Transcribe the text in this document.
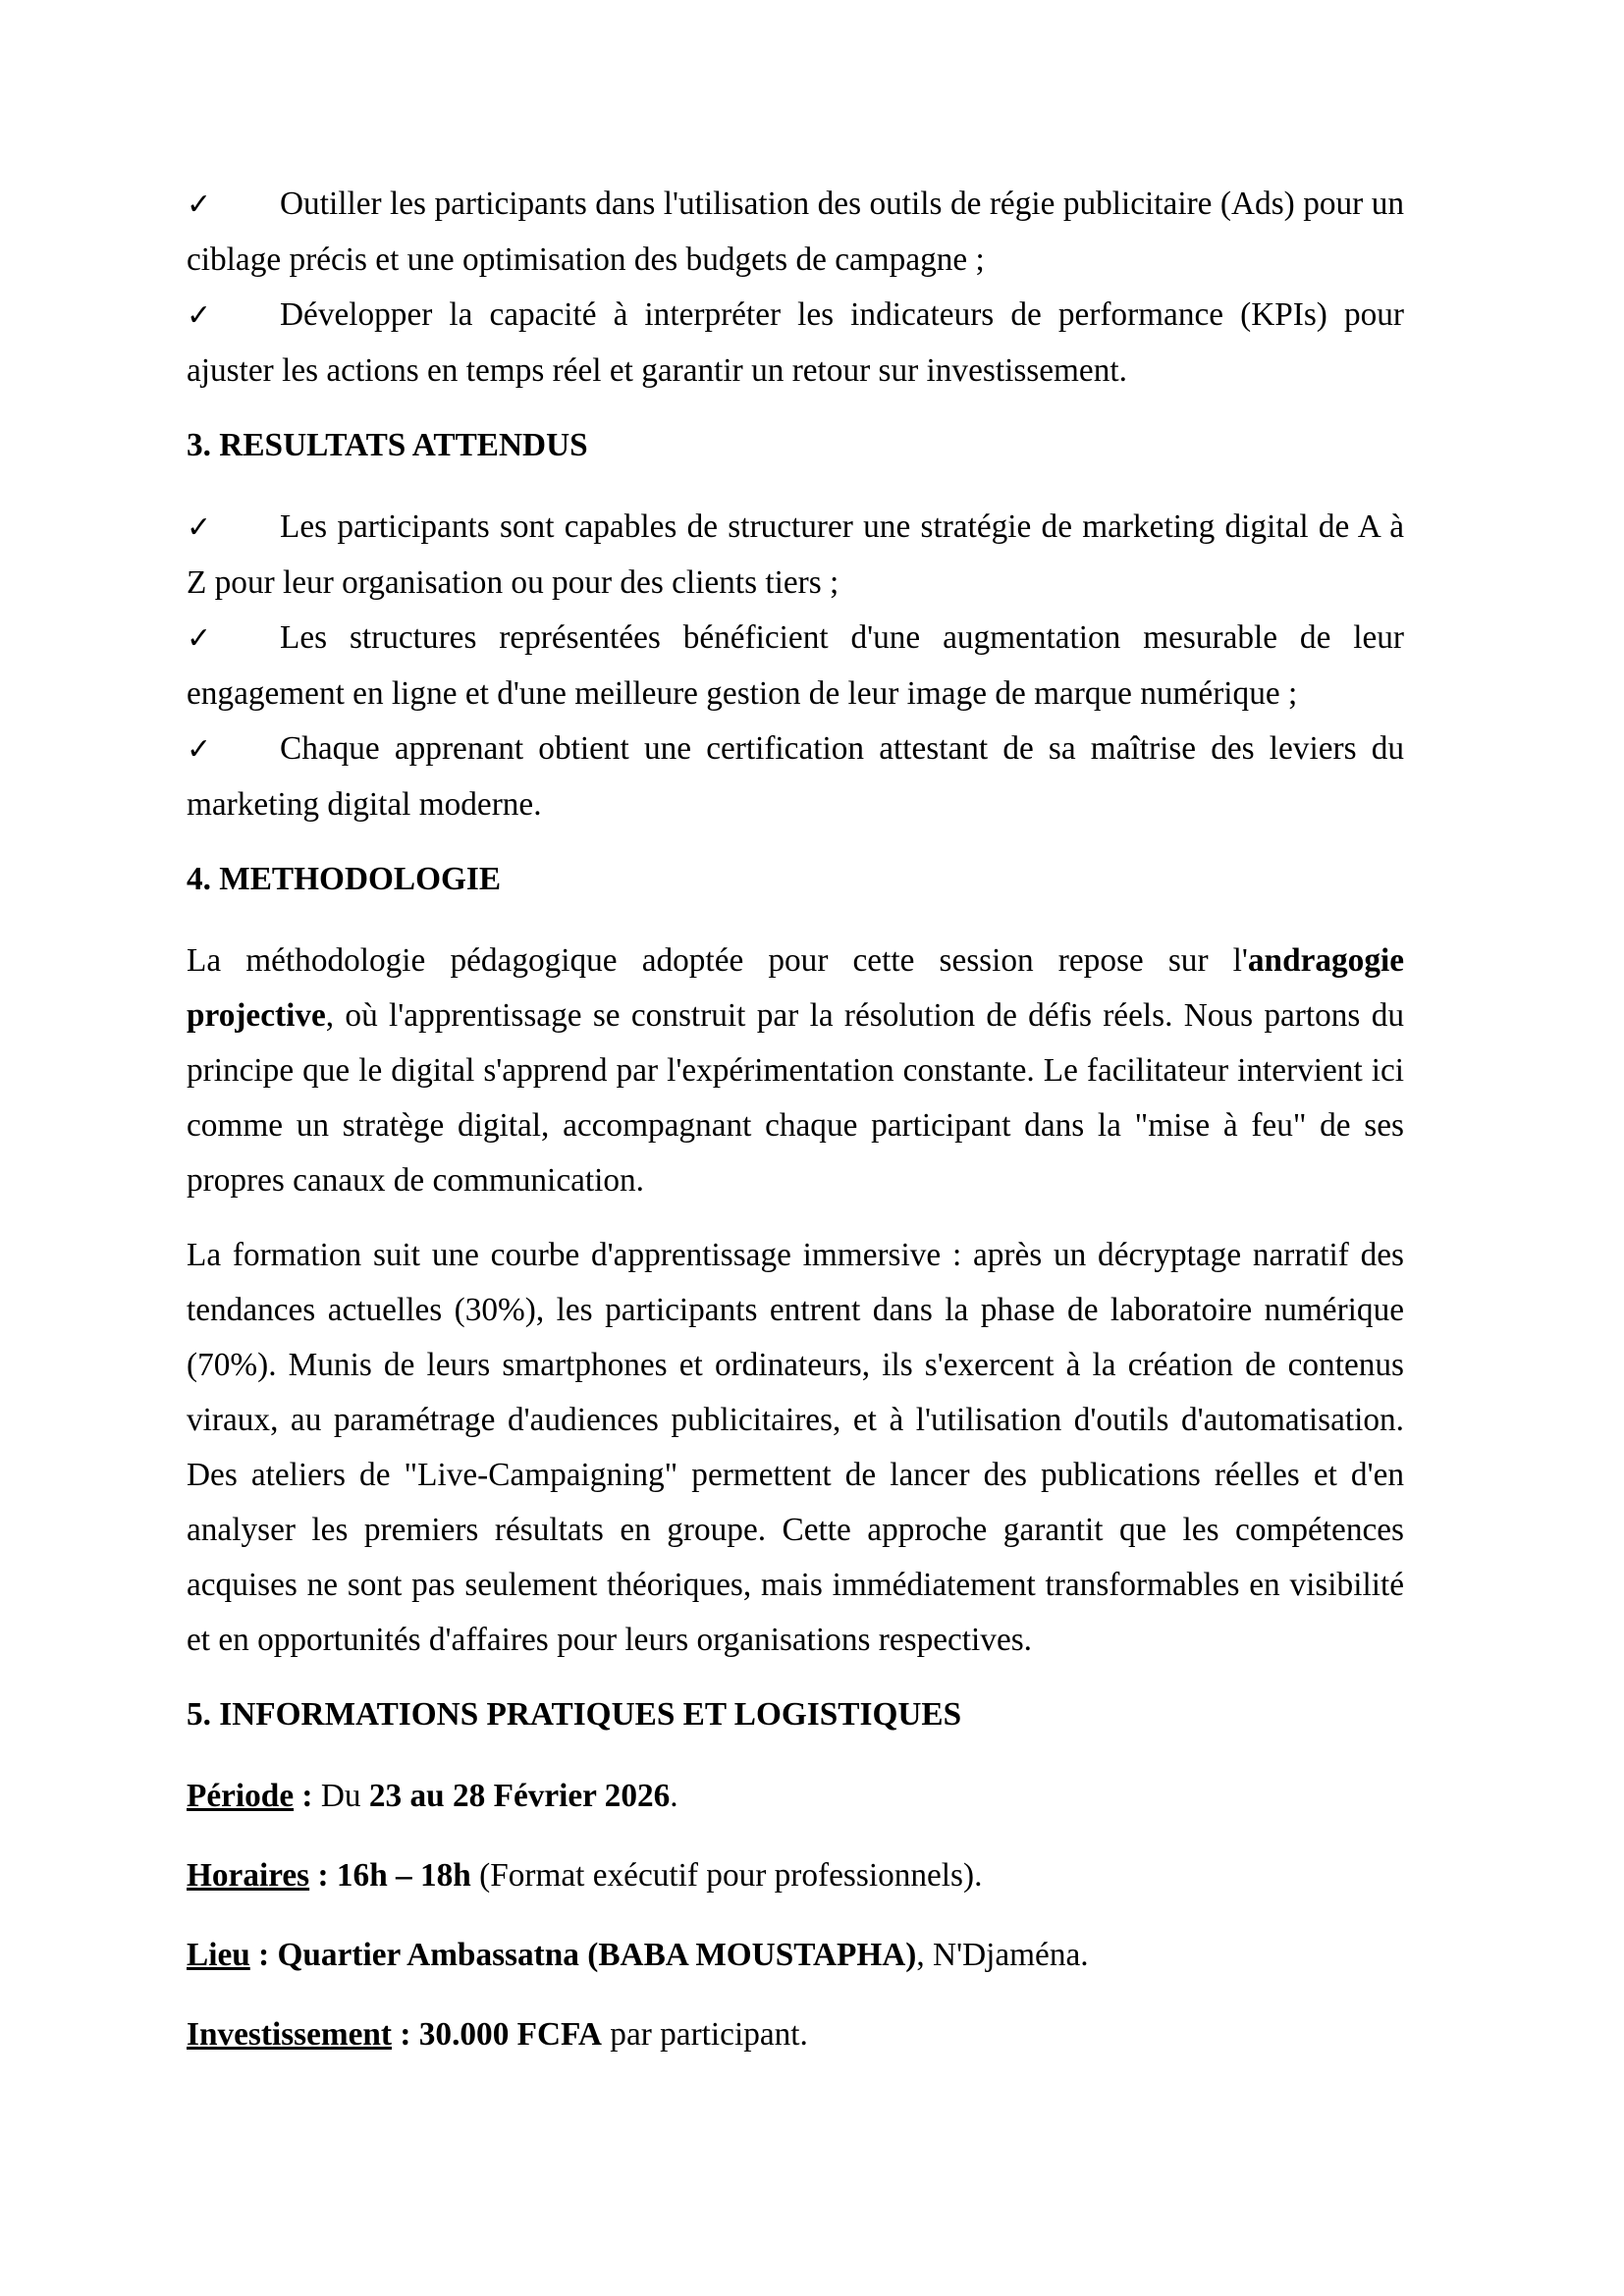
✓ Outiller les participants dans l'utilisation des outils de régie publicitaire (Ads) pour un ciblage précis et une optimisation des budgets de campagne ;

✓ Développer la capacité à interpréter les indicateurs de performance (KPIs) pour ajuster les actions en temps réel et garantir un retour sur investissement.

3. RESULTATS ATTENDUS

✓ Les participants sont capables de structurer une stratégie de marketing digital de A à Z pour leur organisation ou pour des clients tiers ;

✓ Les structures représentées bénéficient d'une augmentation mesurable de leur engagement en ligne et d'une meilleure gestion de leur image de marque numérique ;

✓ Chaque apprenant obtient une certification attestant de sa maîtrise des leviers du marketing digital moderne.

4. METHODOLOGIE

La méthodologie pédagogique adoptée pour cette session repose sur l'andragogie projective, où l'apprentissage se construit par la résolution de défis réels. Nous partons du principe que le digital s'apprend par l'expérimentation constante. Le facilitateur intervient ici comme un stratège digital, accompagnant chaque participant dans la "mise à feu" de ses propres canaux de communication.

La formation suit une courbe d'apprentissage immersive : après un décryptage narratif des tendances actuelles (30%), les participants entrent dans la phase de laboratoire numérique (70%). Munis de leurs smartphones et ordinateurs, ils s'exercent à la création de contenus viraux, au paramétrage d'audiences publicitaires, et à l'utilisation d'outils d'automatisation. Des ateliers de "Live-Campaigning" permettent de lancer des publications réelles et d'en analyser les premiers résultats en groupe. Cette approche garantit que les compétences acquises ne sont pas seulement théoriques, mais immédiatement transformables en visibilité et en opportunités d'affaires pour leurs organisations respectives.

5. INFORMATIONS PRATIQUES ET LOGISTIQUES

Période : Du 23 au 28 Février 2026.

Horaires : 16h – 18h (Format exécutif pour professionnels).

Lieu : Quartier Ambassatna (BABA MOUSTAPHA), N'Djaména.

Investissement : 30.000 FCFA par participant.
